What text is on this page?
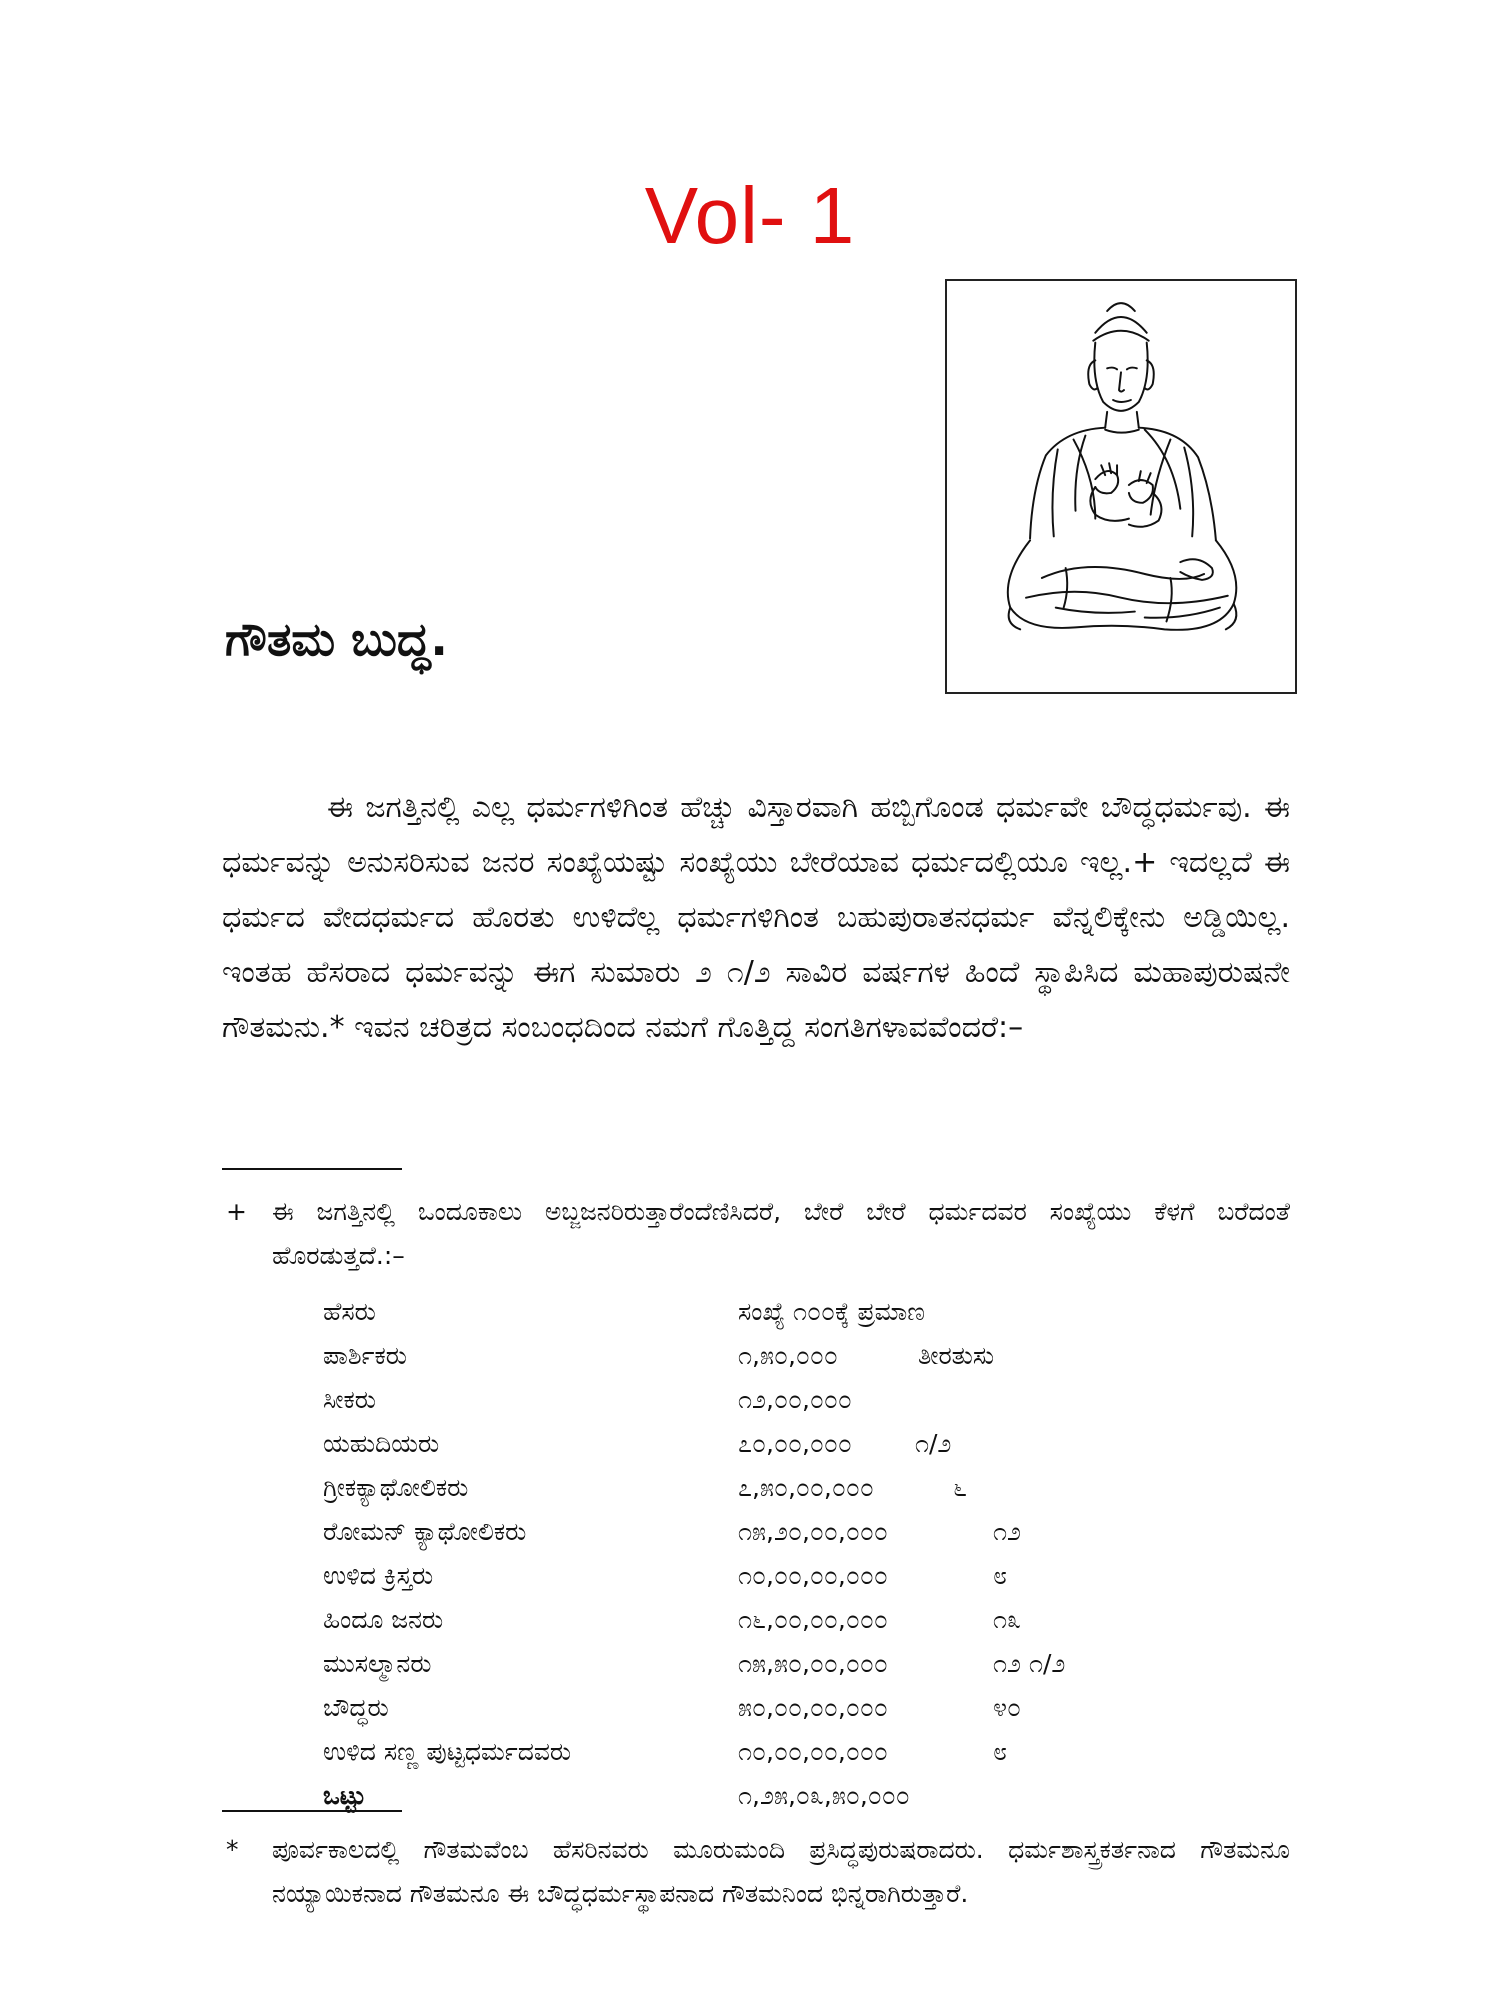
Vol- 1
ಗೌತಮ ಬುದ್ಧ.

ಈ ಜಗತ್ತಿನಲ್ಲಿ ಎಲ್ಲ ಧರ್ಮಗಳಿಗಿಂತ ಹೆಚ್ಚು ವಿಸ್ತಾರವಾಗಿ ಹಬ್ಬಿಗೊಂಡ ಧರ್ಮವೇ ಬೌದ್ಧಧರ್ಮವು. ಈ ಧರ್ಮವನ್ನು ಅನುಸರಿಸುವ ಜನರ ಸಂಖ್ಯೆಯಷ್ಟು ಸಂಖ್ಯೆಯು ಬೇರೆಯಾವ ಧರ್ಮದಲ್ಲಿಯೂ ಇಲ್ಲ.+ ಇದಲ್ಲದೆ ಈ ಧರ್ಮದ ವೇದಧರ್ಮದ ಹೊರತು ಉಳಿದೆಲ್ಲ ಧರ್ಮಗಳಿಗಿಂತ ಬಹುಪುರಾತನಧರ್ಮ ವೆನ್ನಲಿಕ್ಕೇನು ಅಡ್ಡಿಯಿಲ್ಲ. ಇಂತಹ ಹೆಸರಾದ ಧರ್ಮವನ್ನು ಈಗ ಸುಮಾರು ೨ ೧/೨ ಸಾವಿರ ವರ್ಷಗಳ ಹಿಂದೆ ಸ್ಥಾಪಿಸಿದ ಮಹಾಪುರುಷನೇ ಗೌತಮನು.* ಇವನ ಚರಿತ್ರದ ಸಂಬಂಧದಿಂದ ನಮಗೆ ಗೊತ್ತಿದ್ದ ಸಂಗತಿಗಳಾವವೆಂದರೆ:–

+ ಈ ಜಗತ್ತಿನಲ್ಲಿ ಒಂದೂಕಾಲು ಅಬ್ಜಜನರಿರುತ್ತಾರೆಂದೆಣಿಸಿದರೆ, ಬೇರೆ ಬೇರೆ ಧರ್ಮದವರ ಸಂಖ್ಯೆಯು ಕೆಳಗೆ ಬರೆದಂತೆ ಹೊರಡುತ್ತದೆ.:–
ಹೆಸರು	ಸಂಖ್ಯೆ ೧೦೦ಕ್ಕೆ ಪ್ರಮಾಣ
ಪಾರ್ಶಿಕರು	೧,೫೦,೦೦೦	ತೀರತುಸು
ಸೀಕರು	೧೨,೦೦,೦೦೦
ಯಹುದಿಯರು	೭೦,೦೦,೦೦೦	೧/೨
ಗ್ರೀಕಕ್ಯಾಥೋಲಿಕರು	೭,೫೦,೦೦,೦೦೦	೬
ರೋಮನ್ ಕ್ಯಾಥೋಲಿಕರು	೧೫,೨೦,೦೦,೦೦೦	೧೨
ಉಳಿದ ಕ್ರಿಸ್ತರು	೧೦,೦೦,೦೦,೦೦೦	೮
ಹಿಂದೂ ಜನರು	೧೬,೦೦,೦೦,೦೦೦	೧೩
ಮುಸಲ್ಮಾನರು	೧೫,೫೦,೦೦,೦೦೦	೧೨ ೧/೨
ಬೌದ್ಧರು	೫೦,೦೦,೦೦,೦೦೦	೪೦
ಉಳಿದ ಸಣ್ಣ ಪುಟ್ಟಧರ್ಮದವರು	೧೦,೦೦,೦೦,೦೦೦	೮
ಒಟ್ಟು	೧,೨೫,೦೩,೫೦,೦೦೦
* ಪೂರ್ವಕಾಲದಲ್ಲಿ ಗೌತಮವೆಂಬ ಹೆಸರಿನವರು ಮೂರುಮಂದಿ ಪ್ರಸಿದ್ಧಪುರುಷರಾದರು. ಧರ್ಮಶಾಸ್ತ್ರಕರ್ತನಾದ ಗೌತಮನೂ ನಯ್ಯಾಯಿಕನಾದ ಗೌತಮನೂ ಈ ಬೌದ್ಧಧರ್ಮಸ್ಥಾಪನಾದ ಗೌತಮನಿಂದ ಭಿನ್ನರಾಗಿರುತ್ತಾರೆ.
